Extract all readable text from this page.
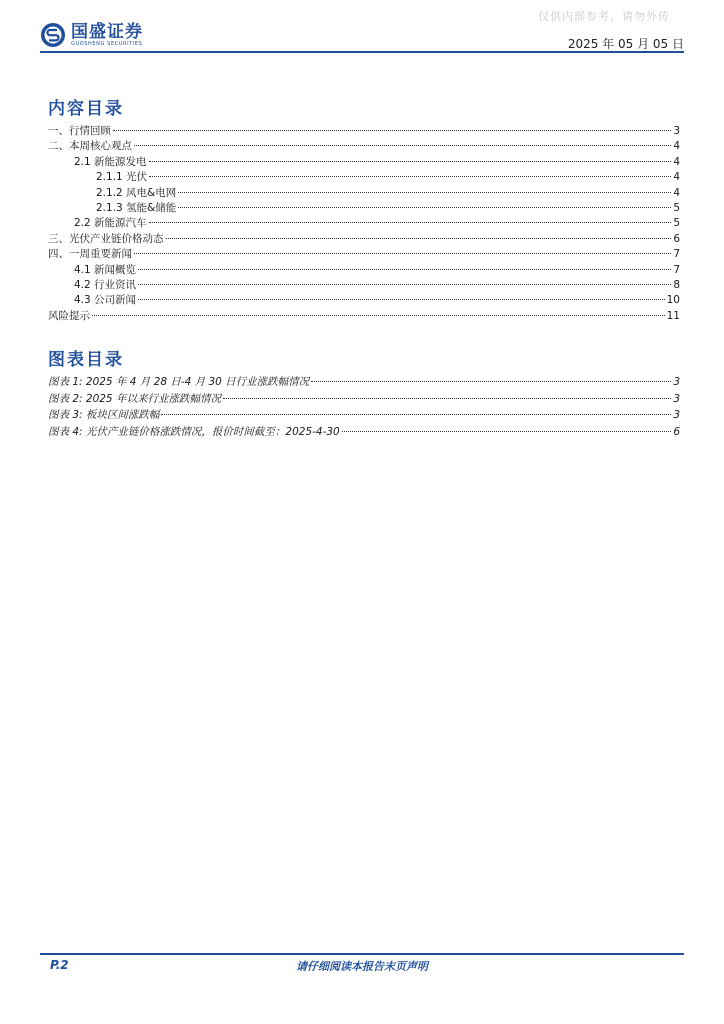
仅供内部参考，请勿外传
国盛证券
GUOSHENG SECURITIES	2025 年 05 月 05 日
内容目录
一、行情回顾	3
二、本周核心观点	4
2.1 新能源发电	4
2.1.1 光伏	4
2.1.2 风电&电网	4
2.1.3 氢能&储能	5
2.2 新能源汽车	5
三、光伏产业链价格动态	6
四、一周重要新闻	7
4.1 新闻概览	7
4.2 行业资讯	8
4.3 公司新闻	10
风险提示	11
图表目录
图表 1: 2025 年 4 月 28 日-4 月 30 日行业涨跌幅情况	3
图表 2: 2025 年以来行业涨跌幅情况	3
图表 3: 板块区间涨跌幅	3
图表 4: 光伏产业链价格涨跌情况，报价时间截至：2025-4-30	6
请仔细阅读本报告末页声明
P.2
